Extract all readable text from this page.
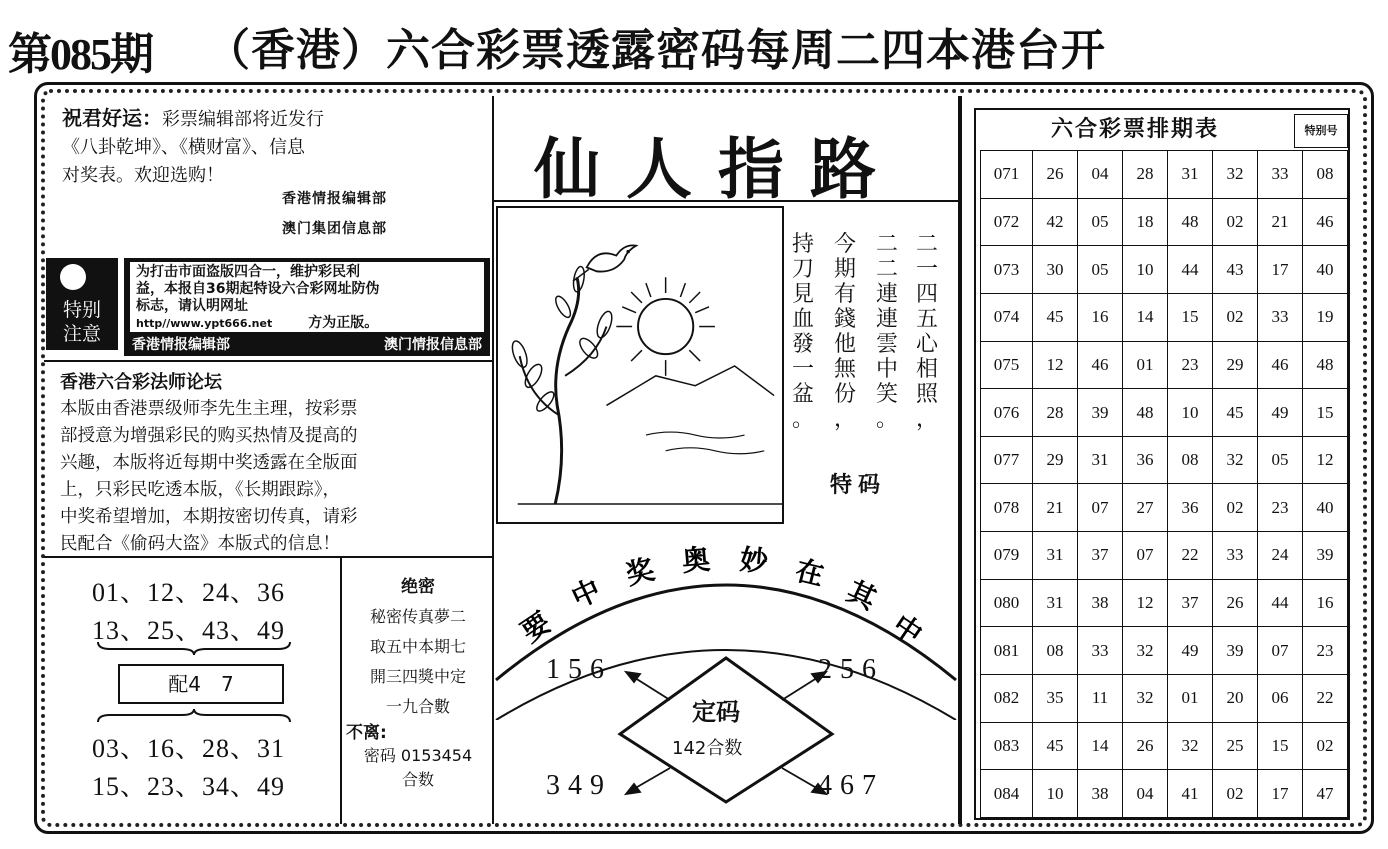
第085期 （香港）六合彩票透露密码每周二四本港台开
祝君好运：彩票编辑部将近发行
《八卦乾坤》、《横财富》、信息
对奖表。欢迎选购！
香港情报编辑部
澳门集团信息部
特别
注意
为打击市面盗版四合一，维护彩民利
益，本报自36期起特设六合彩网址防伪
标志，请认明网址
http//www.ypt666.net	方为正版。
香港情报编辑部	澳门情报信息部
香港六合彩法师论坛
本版由香港票级师李先生主理，按彩票
部授意为增强彩民的购买热情及提高的
兴趣，本版将近每期中奖透露在全版面
上，只彩民吃透本版，《长期跟踪》，
中奖希望增加，本期按密切传真，请彩
民配合《偷码大盗》本版式的信息！
01、12、24、36
13、25、43、49
配4　7
03、16、28、31
15、23、34、49
绝密
秘密传真夢二
取五中本期七
開三四獎中定
一九合數
不离:
密码 0153454
合数
仙人指路
二
一
四
五
心
相
照
，
二
二
連
連
雲
中
笑
。
今
期
有
錢
他
無
份
，
持
刀
見
血
發
一
盆
。
特码
要
中
奖 奥 妙 在
其
中
定码
142合数
156	256
349	467
六合彩票排期表	特别号
071	26	04	28	31	32	33	08
072	42	05	18	48	02	21	46
073	30	05	10	44	43	17	40
074	45	16	14	15	02	33	19
075	12	46	01	23	29	46	48
076	28	39	48	10	45	49	15
077	29	31	36	08	32	05	12
078	21	07	27	36	02	23	40
079	31	37	07	22	33	24	39
080	31	38	12	37	26	44	16
081	08	33	32	49	39	07	23
082	35	11	32	01	20	06	22
083	45	14	26	32	25	15	02
084	10	38	04	41	02	17	47
